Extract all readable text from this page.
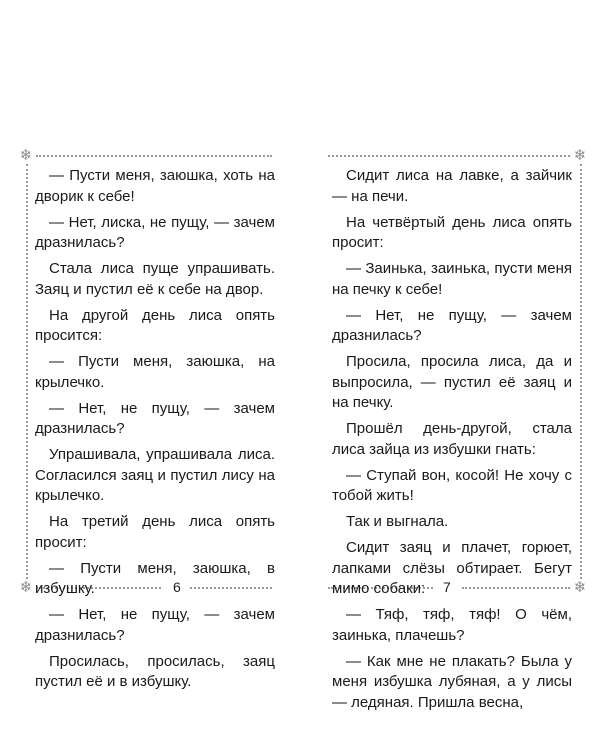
❄
❄
❄
❄

— Пусти меня, заюшка, хоть на дворик к себе!

— Нет, лиска, не пущу, — зачем дразнилась?

Стала лиса пуще упрашивать. Заяц и пустил её к себе на двор.

На другой день лиса опять просится:

— Пусти меня, заюшка, на крылечко.

— Нет, не пущу, — зачем дразнилась?

Упрашивала, упрашивала лиса. Согласился заяц и пустил лису на крылечко.

На третий день лиса опять просит:

— Пусти меня, заюшка, в избушку.

— Нет, не пущу, — зачем дразнилась?

Просилась, просилась, заяц пустил её и в избушку.

6

Сидит лиса на лавке, а зайчик — на печи.

На четвёртый день лиса опять просит:

— Заинька, заинька, пусти меня на печку к себе!

— Нет, не пущу, — зачем дразнилась?

Просила, просила лиса, да и выпросила, — пустил её заяц и на печку.

Прошёл день-другой, стала лиса зайца из избушки гнать:

— Ступай вон, косой! Не хочу с тобой жить!

Так и выгнала.

Сидит заяц и плачет, горюет, лапками слёзы обтирает. Бегут мимо собаки:

— Тяф, тяф, тяф! О чём, заинька, плачешь?

— Как мне не плакать? Была у меня избушка лубяная, а у лисы — ледяная. Пришла весна,

7
